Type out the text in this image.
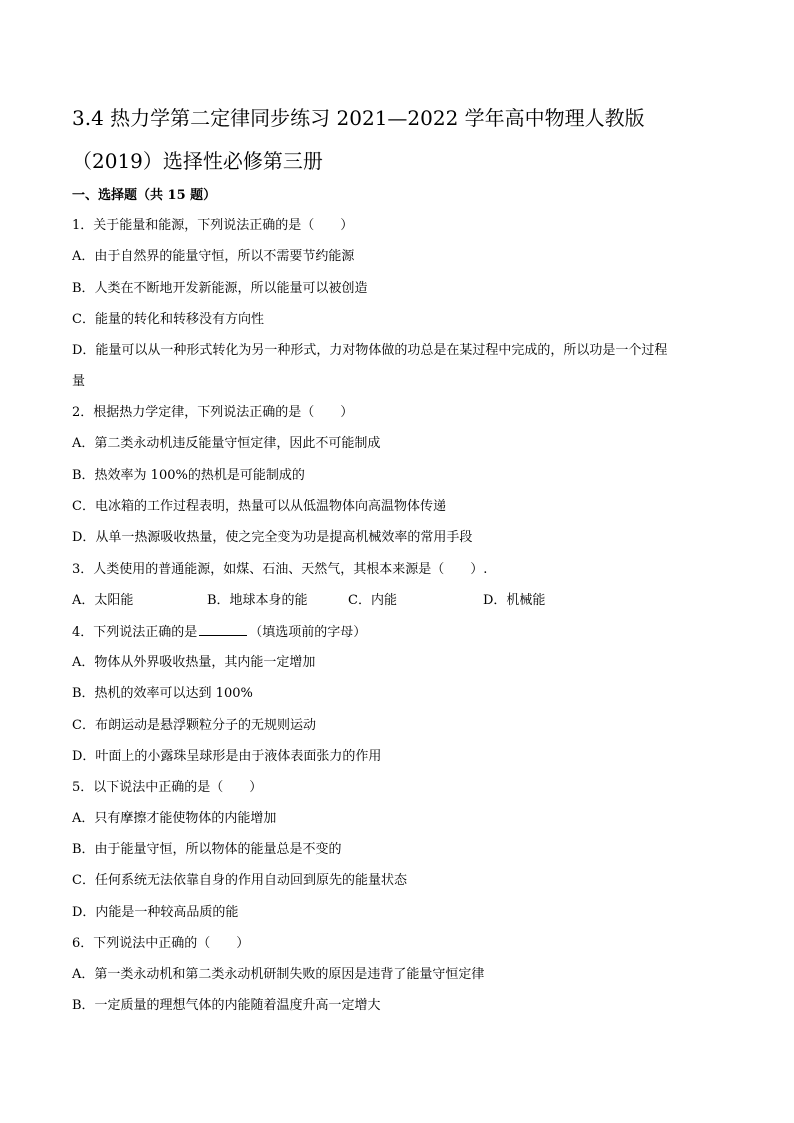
3.4 热力学第二定律同步练习 2021—2022 学年高中物理人教版
（2019）选择性必修第三册
一、选择题（共 15 题）
1．关于能量和能源，下列说法正确的是（　　）
A．由于自然界的能量守恒，所以不需要节约能源
B．人类在不断地开发新能源，所以能量可以被创造
C．能量的转化和转移没有方向性
D．能量可以从一种形式转化为另一种形式，力对物体做的功总是在某过程中完成的，所以功是一个过程
量
2．根据热力学定律，下列说法正确的是（　　）
A．第二类永动机违反能量守恒定律，因此不可能制成
B．热效率为 100%的热机是可能制成的
C．电冰箱的工作过程表明，热量可以从低温物体向高温物体传递
D．从单一热源吸收热量，使之完全变为功是提高机械效率的常用手段
3．人类使用的普通能源，如煤、石油、天然气，其根本来源是（　　）.
A．太阳能	B．地球本身的能	C．内能	D．机械能
4．下列说法正确的是	（填选项前的字母）
A．物体从外界吸收热量，其内能一定增加
B．热机的效率可以达到 100%
C．布朗运动是悬浮颗粒分子的无规则运动
D．叶面上的小露珠呈球形是由于液体表面张力的作用
5．以下说法中正确的是（　　）
A．只有摩擦才能使物体的内能增加
B．由于能量守恒，所以物体的能量总是不变的
C．任何系统无法依靠自身的作用自动回到原先的能量状态
D．内能是一种较高品质的能
6．下列说法中正确的（　　）
A．第一类永动机和第二类永动机研制失败的原因是违背了能量守恒定律
B．一定质量的理想气体的内能随着温度升高一定增大
